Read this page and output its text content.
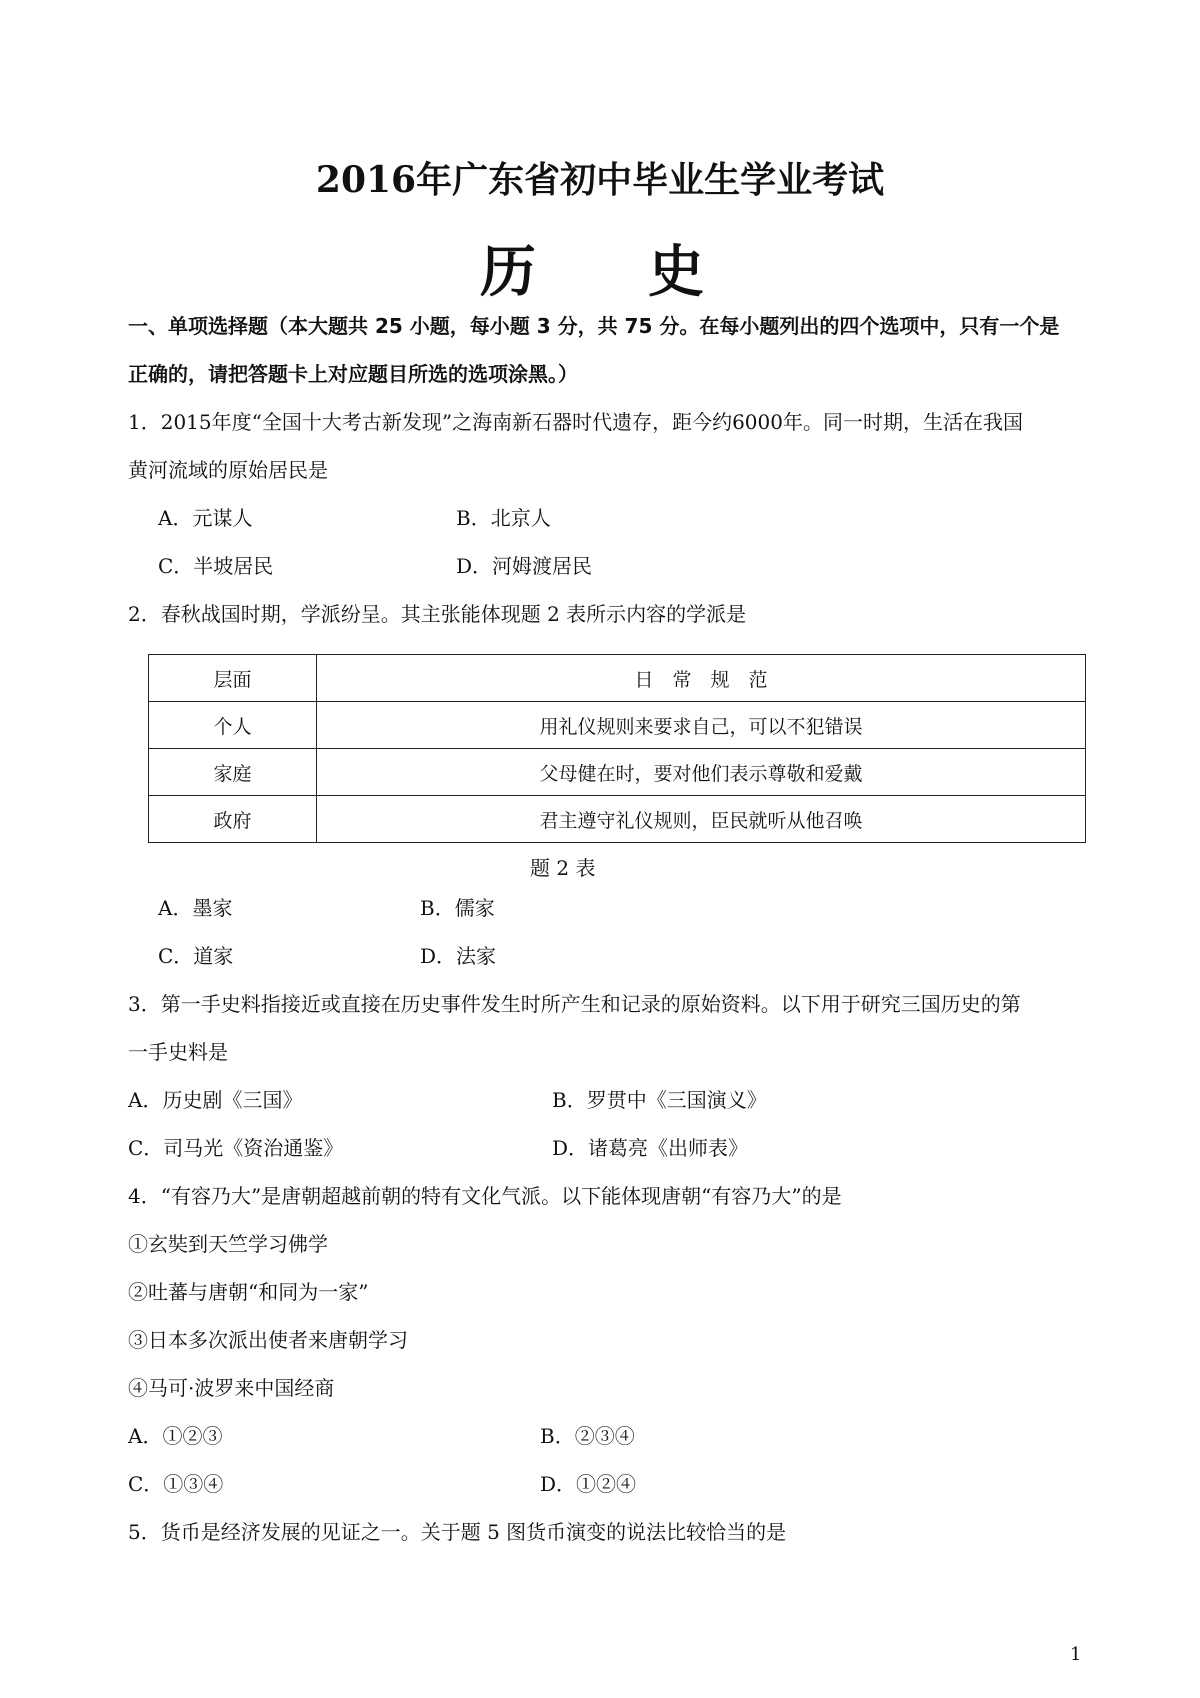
2016年广东省初中毕业生学业考试
历 史
一、单项选择题（本大题共 25 小题，每小题 3 分，共 75 分。在每小题列出的四个选项中，只有一个是
正确的，请把答题卡上对应题目所选的选项涂黑。）
1．2015年度“全国十大考古新发现”之海南新石器时代遗存，距今约6000年。同一时期，生活在我国
黄河流域的原始居民是
A．元谋人	B．北京人
C．半坡居民	D．河姆渡居民
2．春秋战国时期，学派纷呈。其主张能体现题 2 表所示内容的学派是
层面	日　常　规　范
个人	用礼仪规则来要求自己，可以不犯错误
家庭	父母健在时，要对他们表示尊敬和爱戴
政府	君主遵守礼仪规则，臣民就听从他召唤
题 2 表
A．墨家	B．儒家
C．道家	D．法家
3．第一手史料指接近或直接在历史事件发生时所产生和记录的原始资料。以下用于研究三国历史的第
一手史料是
A．历史剧《三国》	B．罗贯中《三国演义》
C．司马光《资治通鉴》	D．诸葛亮《出师表》
4．“有容乃大”是唐朝超越前朝的特有文化气派。以下能体现唐朝“有容乃大”的是
①玄奘到天竺学习佛学
②吐蕃与唐朝“和同为一家”
③日本多次派出使者来唐朝学习
④马可·波罗来中国经商
A．①②③	B．②③④
C．①③④	D．①②④
5．货币是经济发展的见证之一。关于题 5 图货币演变的说法比较恰当的是
1
